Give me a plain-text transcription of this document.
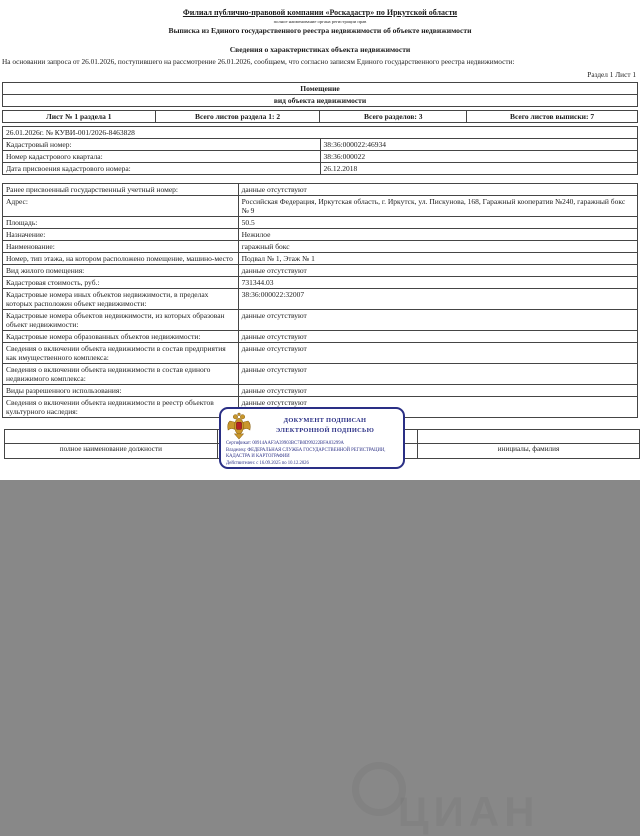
Филиал публично-правовой компании «Роскадастр» по Иркутской области
полное наименование органа регистрации прав
Выписка из Единого государственного реестра недвижимости об объекте недвижимости
Сведения о характеристиках объекта недвижимости
На основании запроса от 26.01.2026, поступившего на рассмотрение 26.01.2026, сообщаем, что согласно записям Единого государственного реестра недвижимости:
Раздел 1 Лист 1
Помещение
вид объекта недвижимости
Лист № 1 раздела 1	Всего листов раздела 1: 2	Всего разделов: 3	Всего листов выписки: 7
26.01.2026г. № КУВИ-001/2026-8463828	
Кадастровый номер:	38:36:000022:46934
Номер кадастрового квартала:	38:36:000022
Дата присвоения кадастрового номера:	26.12.2018
Ранее присвоенный государственный учетный номер:	данные отсутствуют
Адрес:	Российская Федерация, Иркутская область, г. Иркутск, ул. Пискунова, 168, Гаражный кооператив №240, гаражный бокс № 9
Площадь:	50.5
Назначение:	Нежилое
Наименование:	гаражный бокс
Номер, тип этажа, на котором расположено помещение, машино-место	Подвал № 1, Этаж № 1
Вид жилого помещения:	данные отсутствуют
Кадастровая стоимость, руб.:	731344.03
Кадастровые номера иных объектов недвижимости, в пределах которых расположен объект недвижимости:	38:36:000022:32007
Кадастровые номера объектов недвижимости, из которых образован объект недвижимости:	данные отсутствуют
Кадастровые номера образованных объектов недвижимости:	данные отсутствуют
Сведения о включении объекта недвижимости в состав предприятия как имущественного комплекса:	данные отсутствуют
Сведения о включении объекта недвижимости в состав единого недвижимого комплекса:	данные отсутствуют
Виды разрешенного использования:	данные отсутствуют
Сведения о включении объекта недвижимости в реестр объектов культурного наследия:	данные отсутствуют

полное наименование должности		инициалы, фамилия
ЦИАН
ДОКУМЕНТ ПОДПИСАН
ЭЛЕКТРОННОЙ ПОДПИСЬЮ
Сертификат: 00914AAF3A39903BC7B0D99222BFA03299A
Владелец: ФЕДЕРАЛЬНАЯ СЛУЖБА ГОСУДАРСТВЕННОЙ РЕГИСТРАЦИИ, КАДАСТРА И КАРТОГРАФИИ
Действителен: с 16.09.2025 по 10.12.2026
